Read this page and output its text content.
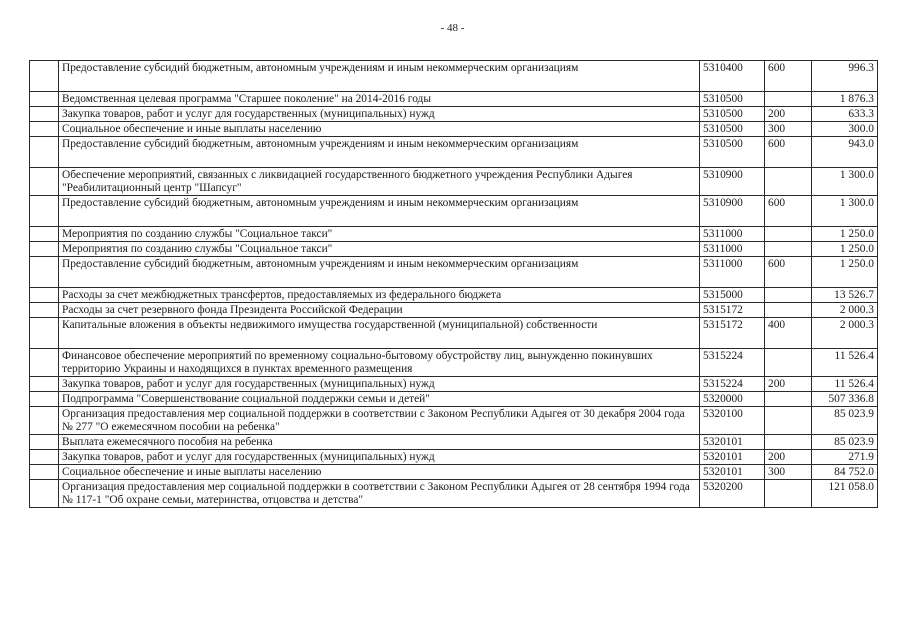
- 48 -
	Предоставление субсидий бюджетным, автономным учреждениям и иным некоммерческим организациям	5310400	600	996.3
	Ведомственная целевая программа "Старшее поколение" на 2014-2016 годы	5310500		1 876.3
	Закупка товаров, работ и услуг для государственных (муниципальных) нужд	5310500	200	633.3
	Социальное обеспечение и иные выплаты населению	5310500	300	300.0
	Предоставление субсидий бюджетным, автономным учреждениям и иным некоммерческим организациям	5310500	600	943.0
	Обеспечение мероприятий, связанных с ликвидацией государственного бюджетного учреждения Республики Адыгея "Реабилитационный центр "Шапсуг"	5310900		1 300.0
	Предоставление субсидий бюджетным, автономным учреждениям и иным некоммерческим организациям	5310900	600	1 300.0
	Мероприятия по созданию службы "Социальное такси"	5311000		1 250.0
	Мероприятия по созданию службы "Социальное такси"	5311000		1 250.0
	Предоставление субсидий бюджетным, автономным учреждениям и иным некоммерческим организациям	5311000	600	1 250.0
	Расходы за счет межбюджетных трансфертов, предоставляемых из федерального бюджета	5315000		13 526.7
	Расходы за счет резервного фонда Президента Российской Федерации	5315172		2 000.3
	Капитальные вложения в объекты недвижимого имущества государственной (муниципальной) собственности	5315172	400	2 000.3
	Финансовое обеспечение мероприятий по временному социально-бытовому обустройству лиц, вынужденно покинувших территорию Украины и находящихся в пунктах временного размещения	5315224		11 526.4
	Закупка товаров, работ и услуг для государственных (муниципальных) нужд	5315224	200	11 526.4
	Подпрограмма "Совершенствование социальной поддержки семьи и детей"	5320000		507 336.8
	Организация предоставления мер социальной поддержки в соответствии с Законом Республики Адыгея от 30 декабря 2004 года № 277 "О ежемесячном пособии на ребенка"	5320100		85 023.9
	Выплата ежемесячного пособия на ребенка	5320101		85 023.9
	Закупка товаров, работ и услуг для государственных (муниципальных) нужд	5320101	200	271.9
	Социальное обеспечение и иные выплаты населению	5320101	300	84 752.0
	Организация предоставления мер социальной поддержки в соответствии с Законом Республики Адыгея от 28 сентября 1994 года № 117-1 "Об охране семьи, материнства, отцовства и детства"	5320200		121 058.0
